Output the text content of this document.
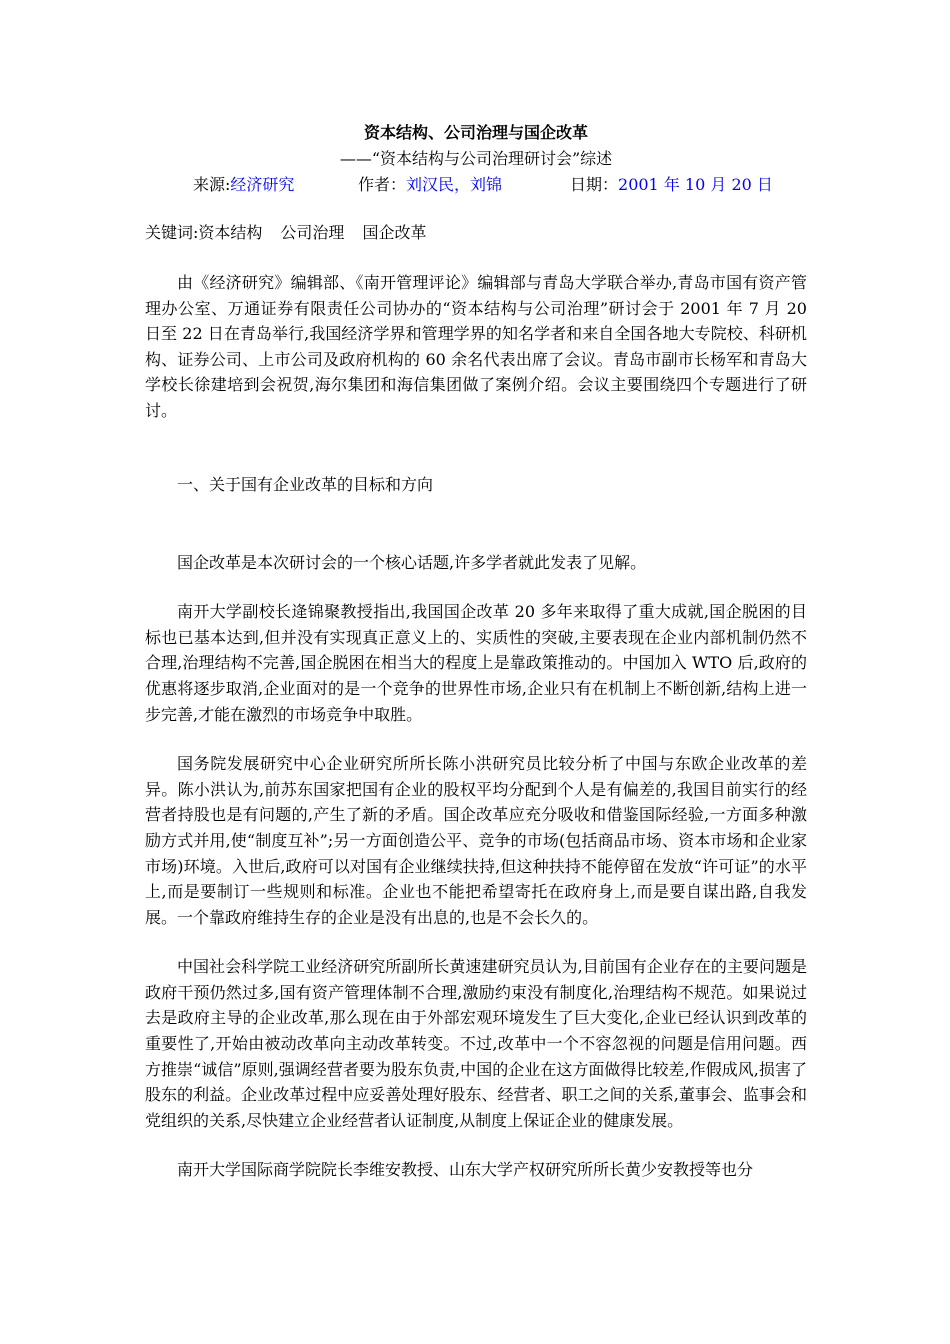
资本结构、公司治理与国企改革
——“资本结构与公司治理研讨会”综述
来源:经济研究	作者：刘汉民，刘锦	日期：2001 年 10 月 20 日
关键词:资本结构 公司治理 国企改革

由《经济研究》编辑部、《南开管理评论》编辑部与青岛大学联合举办,青岛市国有资产管理办公室、万通证券有限责任公司协办的“资本结构与公司治理”研讨会于 2001 年 7 月 20 日至 22 日在青岛举行,我国经济学界和管理学界的知名学者和来自全国各地大专院校、科研机构、证券公司、上市公司及政府机构的 60 余名代表出席了会议。青岛市副市长杨军和青岛大学校长徐建培到会祝贺,海尔集团和海信集团做了案例介绍。会议主要围绕四个专题进行了研讨。

一、关于国有企业改革的目标和方向

国企改革是本次研讨会的一个核心话题,许多学者就此发表了见解。

南开大学副校长逄锦聚教授指出,我国国企改革 20 多年来取得了重大成就,国企脱困的目标也已基本达到,但并没有实现真正意义上的、实质性的突破,主要表现在企业内部机制仍然不合理,治理结构不完善,国企脱困在相当大的程度上是靠政策推动的。中国加入 WTO 后,政府的优惠将逐步取消,企业面对的是一个竞争的世界性市场,企业只有在机制上不断创新,结构上进一步完善,才能在激烈的市场竞争中取胜。

国务院发展研究中心企业研究所所长陈小洪研究员比较分析了中国与东欧企业改革的差异。陈小洪认为,前苏东国家把国有企业的股权平均分配到个人是有偏差的,我国目前实行的经营者持股也是有问题的,产生了新的矛盾。国企改革应充分吸收和借鉴国际经验,一方面多种激励方式并用,使“制度互补”;另一方面创造公平、竞争的市场(包括商品市场、资本市场和企业家市场)环境。入世后,政府可以对国有企业继续扶持,但这种扶持不能停留在发放“许可证”的水平上,而是要制订一些规则和标准。企业也不能把希望寄托在政府身上,而是要自谋出路,自我发展。一个靠政府维持生存的企业是没有出息的,也是不会长久的。

中国社会科学院工业经济研究所副所长黄速建研究员认为,目前国有企业存在的主要问题是政府干预仍然过多,国有资产管理体制不合理,激励约束没有制度化,治理结构不规范。如果说过去是政府主导的企业改革,那么现在由于外部宏观环境发生了巨大变化,企业已经认识到改革的重要性了,开始由被动改革向主动改革转变。不过,改革中一个不容忽视的问题是信用问题。西方推崇“诚信”原则,强调经营者要为股东负责,中国的企业在这方面做得比较差,作假成风,损害了股东的利益。企业改革过程中应妥善处理好股东、经营者、职工之间的关系,董事会、监事会和党组织的关系,尽快建立企业经营者认证制度,从制度上保证企业的健康发展。

南开大学国际商学院院长李维安教授、山东大学产权研究所所长黄少安教授等也分
